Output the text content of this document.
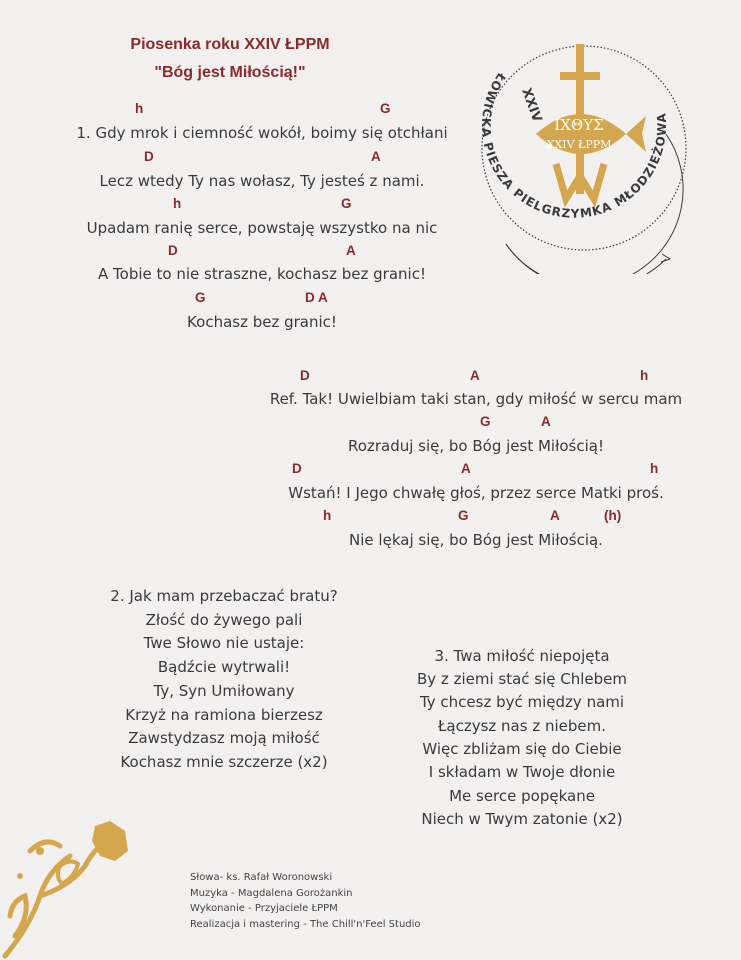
Piosenka roku XXIV ŁPPM
"Bóg jest Miłością!"
ΙΧΘΥΣ
XXIV ŁPPM
ŁOWICKA PIESZA PIELGRZYMKA MŁODZIEŻOWA
XXIV
h	G
1. Gdy mrok i ciemność wokół, boimy się otchłani
D	A
Lecz wtedy Ty nas wołasz, Ty jesteś z nami.
h	G
Upadam ranię serce, powstaję wszystko na nic
D	A
A Tobie to nie straszne, kochasz bez granic!
G	D A
Kochasz bez granic!
D	A	h
Ref. Tak! Uwielbiam taki stan, gdy miłość w sercu mam
G	A
Rozraduj się, bo Bóg jest Miłością!
D	A	h
Wstań! I Jego chwałę głoś, przez serce Matki proś.
h	G	A	(h)
Nie lękaj się, bo Bóg jest Miłością.
2. Jak mam przebaczać bratu?
Złość do żywego pali
Twe Słowo nie ustaje:
Bądźcie wytrwali!
Ty, Syn Umiłowany
Krzyż na ramiona bierzesz
Zawstydzasz moją miłość
Kochasz mnie szczerze (x2)
3. Twa miłość niepojęta
By z ziemi stać się Chlebem
Ty chcesz być między nami
Łączysz nas z niebem.
Więc zbliżam się do Ciebie
I składam w Twoje dłonie
Me serce popękane
Niech w Twym zatonie (x2)
Słowa- ks. Rafał Woronowski
Muzyka - Magdalena Gorożankin
Wykonanie - Przyjaciele ŁPPM
Realizacja i mastering - The Chill'n'Feel Studio
